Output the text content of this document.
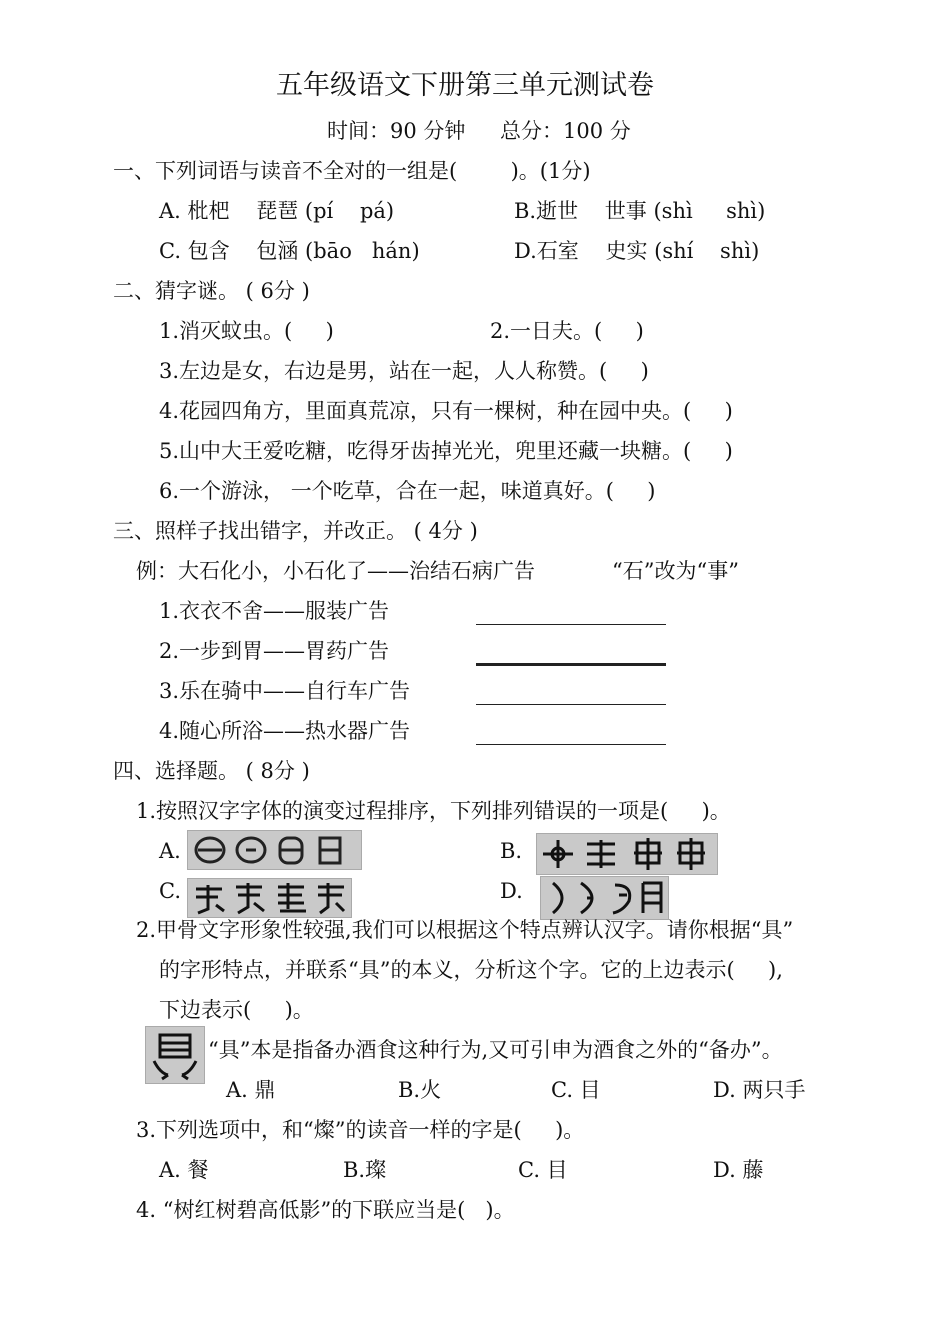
五年级语文下册第三单元测试卷
时间：90 分钟 总分：100 分
一、下列词语与读音不全对的一组是(        )。(1分)
A. 枇杷    琵琶 (pí    pá)	B.逝世    世事 (shì     shì)
C. 包含    包涵 (bāo   hán)	D.石室    史实 (shí    shì)
二、猜字谜。 ( 6分 )
1.消灭蚊虫。(     )	2.一日夫。(     )
3.左边是女，右边是男，站在一起，人人称赞。(     )
4.花园四角方，里面真荒凉，只有一棵树，种在园中央。(     )
5.山中大王爱吃糖，吃得牙齿掉光光，兜里还藏一块糖。(     )
6.一个游泳， 一个吃草，合在一起，味道真好。(     )
三、照样子找出错字，并改正。 ( 4分 )
例：大石化小，小石化了——治结石病广告	“石”改为“事”
1.衣衣不舍——服装广告
2.一步到胃——胃药广告
3.乐在骑中——自行车广告
4.随心所浴——热水器广告
四、选择题。 ( 8分 )
1.按照汉字字体的演变过程排序，下列排列错误的一项是(     )。
A.	B.
C.	D.
2.甲骨文字形象性较强,我们可以根据这个特点辨认汉字。请你根据“具”
的字形特点，并联系“具”的本义，分析这个字。它的上边表示(     ),
下边表示(     )。
“具”本是指备办酒食这种行为,又可引申为酒食之外的“备办”。
A. 鼎	B.火	C. 目	D. 两只手
3.下列选项中，和“燦”的读音一样的字是(     )。
A. 餐	B.璨	C. 目	D. 藤
4. “树红树碧高低影”的下联应当是(   )。
